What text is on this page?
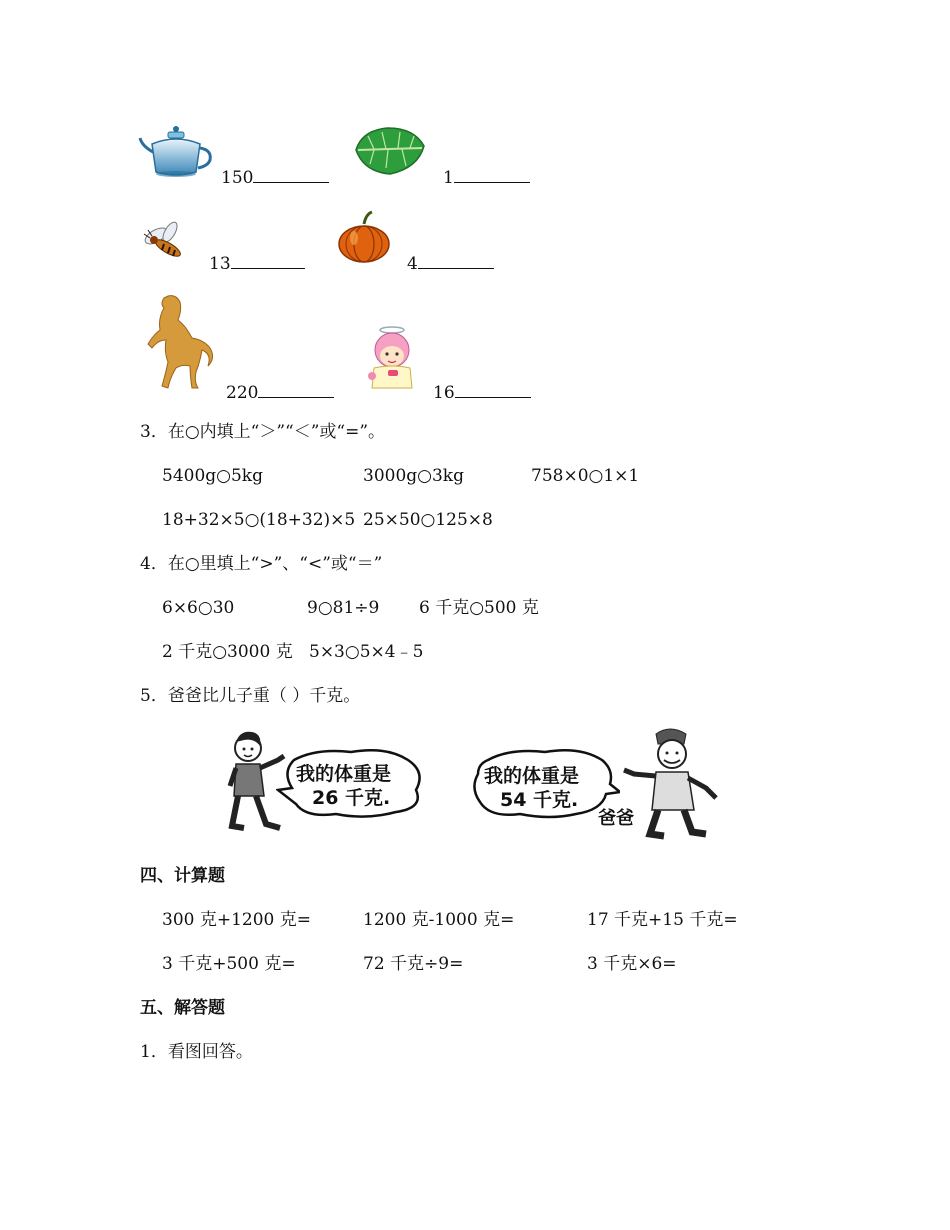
150	1
13	4
220	16
3．在○内填上“＞”“＜”或“=”。
5400g○5kg	3000g○3kg	758×0○1×1
18+32×5○(18+32)×5 25×50○125×8
4．在○里填上“>”、“<”或“＝”
6×6○30	9○81÷9 6 千克○500 克
2 千克○3000 克 5×3○5×4﹣5
5．爸爸比儿子重（ ）千克。
我的体重是
26 千克.
我的体重是
54 千克.
爸爸
四、计算题
300 克+1200 克=	1200 克-1000 克=	17 千克+15 千克=
3 千克+500 克=	72 千克÷9=	3 千克×6=
五、解答题
1．看图回答。
